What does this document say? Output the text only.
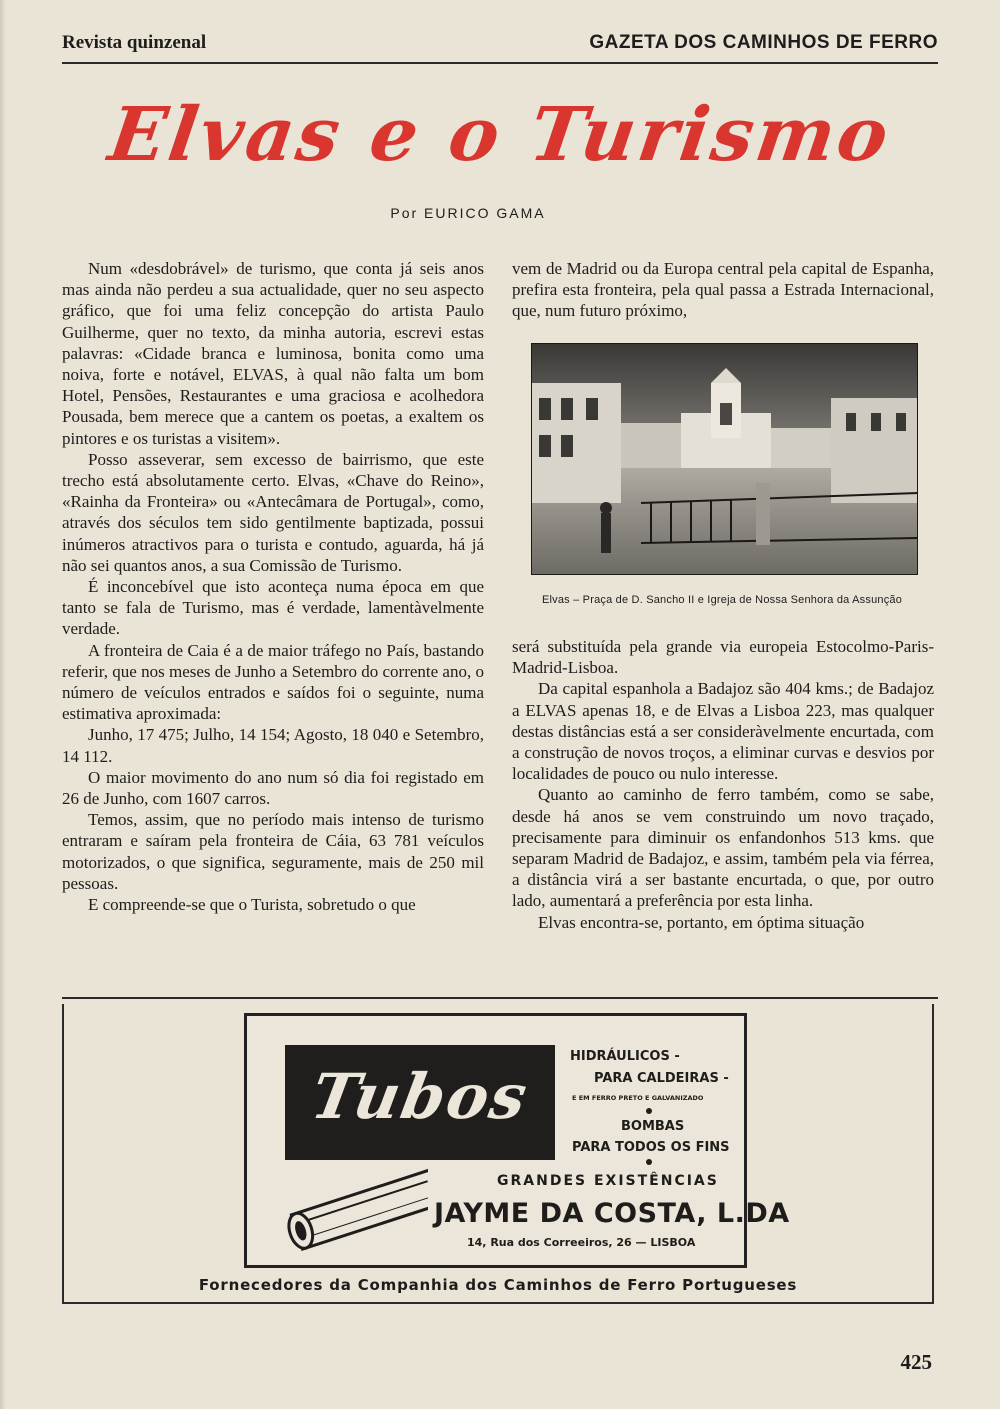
Revista quinzenal	GAZETA DOS CAMINHOS DE FERRO
Elvas e o Turismo
Por EURICO GAMA

Num «desdobrável» de turismo, que conta já seis anos mas ainda não perdeu a sua actualidade, quer no seu aspecto gráfico, que foi uma feliz concepção do artista Paulo Guilherme, quer no texto, da minha autoria, escrevi estas palavras: «Cidade branca e luminosa, bonita como uma noiva, forte e notável, ELVAS, à qual não falta um bom Hotel, Pensões, Restaurantes e uma graciosa e acolhedora Pousada, bem merece que a cantem os poetas, a exaltem os pintores e os turistas a visitem».

Posso asseverar, sem excesso de bairrismo, que este trecho está absolutamente certo. Elvas, «Chave do Reino», «Rainha da Fronteira» ou «Antecâmara de Portugal», como, através dos séculos tem sido gentilmente baptizada, possui inúmeros atractivos para o turista e contudo, aguarda, há já não sei quantos anos, a sua Comissão de Turismo.

É inconcebível que isto aconteça numa época em que tanto se fala de Turismo, mas é verdade, lamentàvelmente verdade.

A fronteira de Caia é a de maior tráfego no País, bastando referir, que nos meses de Junho a Setembro do corrente ano, o número de veículos entrados e saídos foi o seguinte, numa estimativa aproximada:

Junho, 17 475; Julho, 14 154; Agosto, 18 040 e Setembro, 14 112.

O maior movimento do ano num só dia foi registado em 26 de Junho, com 1607 carros.

Temos, assim, que no período mais intenso de turismo entraram e saíram pela fronteira de Cáia, 63 781 veículos motorizados, o que significa, seguramente, mais de 250 mil pessoas.

E compreende-se que o Turista, sobretudo o que

vem de Madrid ou da Europa central pela capital de Espanha, prefira esta fronteira, pela qual passa a Estrada Internacional, que, num futuro próximo,

Elvas – Praça de D. Sancho II e Igreja de Nossa Senhora da Assunção

será substituída pela grande via europeia Estocolmo-Paris-Madrid-Lisboa.

Da capital espanhola a Badajoz são 404 kms.; de Badajoz a ELVAS apenas 18, e de Elvas a Lisboa 223, mas qualquer destas distâncias está a ser consideràvelmente encurtada, com a construção de novos troços, a eliminar curvas e desvios por localidades de pouco ou nulo interesse.

Quanto ao caminho de ferro também, como se sabe, desde há anos se vem construindo um novo traçado, precisamente para diminuir os enfandonhos 513 kms. que separam Madrid de Badajoz, e assim, também pela via férrea, a distância virá a ser bastante encurtada, o que, por outro lado, aumentará a preferência por esta linha.

Elvas encontra-se, portanto, em óptima situação

Tubos
HIDRÁULICOS -
PARA CALDEIRAS -
E EM FERRO PRETO E GALVANIZADO
BOMBAS
PARA TODOS OS FINS
GRANDES EXISTÊNCIAS
JAYME DA COSTA, L.DA
14, Rua dos Correeiros, 26 — LISBOA
Fornecedores da Companhia dos Caminhos de Ferro Portugueses
425
